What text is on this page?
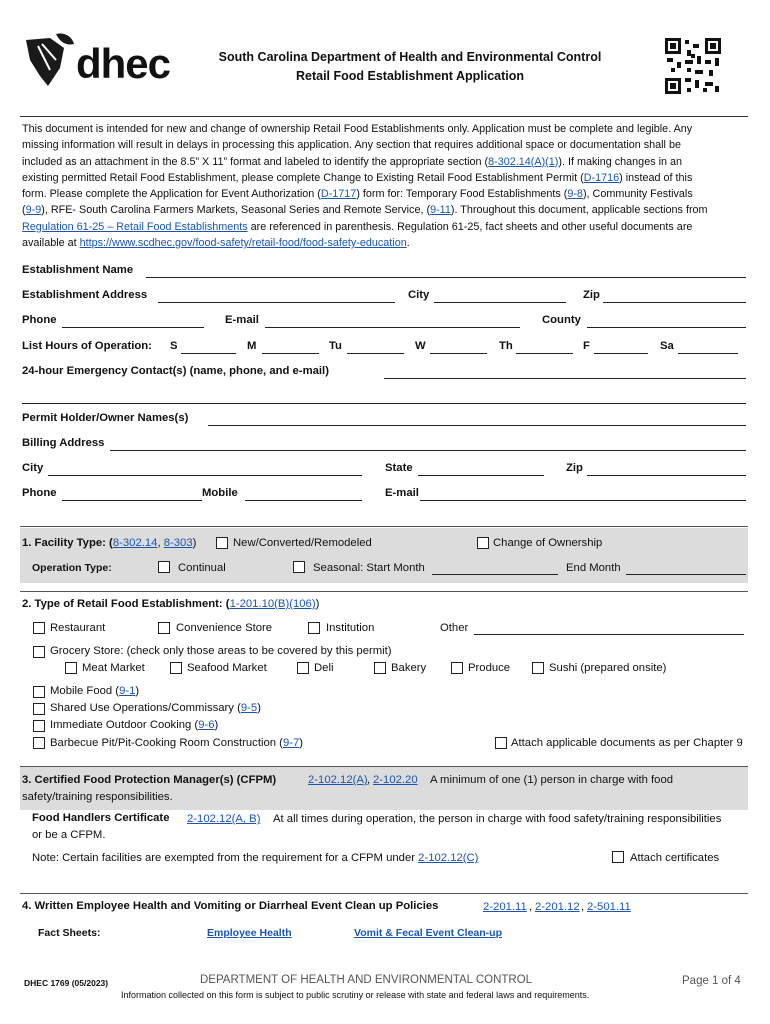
dhec	South Carolina Department of Health and Environmental Control
Retail Food Establishment Application
This document is intended for new and change of ownership Retail Food Establishments only. Application must be complete and legible. Any
missing information will result in delays in processing this application. Any section that requires additional space or documentation shall be
included as an attachment in the 8.5” X 11” format and labeled to identify the appropriate section (8-302.14(A)(1)). If making changes in an
existing permitted Retail Food Establishment, please complete Change to Existing Retail Food Establishment Permit (D-1716) instead of this
form. Please complete the Application for Event Authorization (D-1717) form for: Temporary Food Establishments (9-8), Community Festivals
(9-9), RFE- South Carolina Farmers Markets, Seasonal Series and Remote Service, (9-11). Throughout this document, applicable sections from
Regulation 61-25 – Retail Food Establishments are referenced in parenthesis. Regulation 61-25, fact sheets and other useful documents are
available at https://www.scdhec.gov/food-safety/retail-food/food-safety-education.
Establishment Name
Establishment Address	City	Zip
Phone	E-mail	County
List Hours of Operation: S	M	Tu	W	Th	F	Sa
24-hour Emergency Contact(s) (name, phone, and e-mail)
Permit Holder/Owner Names(s)
Billing Address
City	State	Zip
Phone	Mobile	E-mail
1. Facility Type: (8-302.14, 8-303)	New/Converted/Remodeled	Change of Ownership
Operation Type:	Continual	Seasonal: Start Month	End Month
2. Type of Retail Food Establishment: (1-201.10(B)(106))
Restaurant	Convenience Store	Institution	Other
Grocery Store: (check only those areas to be covered by this permit)
Meat Market	Seafood Market	Deli	Bakery	Produce	Sushi (prepared onsite)
Mobile Food (9-1)
Shared Use Operations/Commissary (9-5)
Immediate Outdoor Cooking (9-6)
Barbecue Pit/Pit-Cooking Room Construction (9-7)	Attach applicable documents as per Chapter 9
3. Certified Food Protection Manager(s) (CFPM)	2-102.12(A) , 2-102.20 A minimum of one (1) person in charge with food
safety/training responsibilities.
Food Handlers Certificate 2-102.12(A, B) At all times during operation, the person in charge with food safety/training responsibilities
or be a CFPM.
Note: Certain facilities are exempted from the requirement for a CFPM under 2-102.12(C)	Attach certificates
4. Written Employee Health and Vomiting or Diarrheal Event Clean up Policies	2-201.11 , 2-201.12 , 2-501.11
Fact Sheets:	Employee Health	Vomit & Fecal Event Clean-up
DHEC 1769 (05/2023)	DEPARTMENT OF HEALTH AND ENVIRONMENTAL CONTROL	Page 1 of 4
Information collected on this form is subject to public scrutiny or release with state and federal laws and requirements.
